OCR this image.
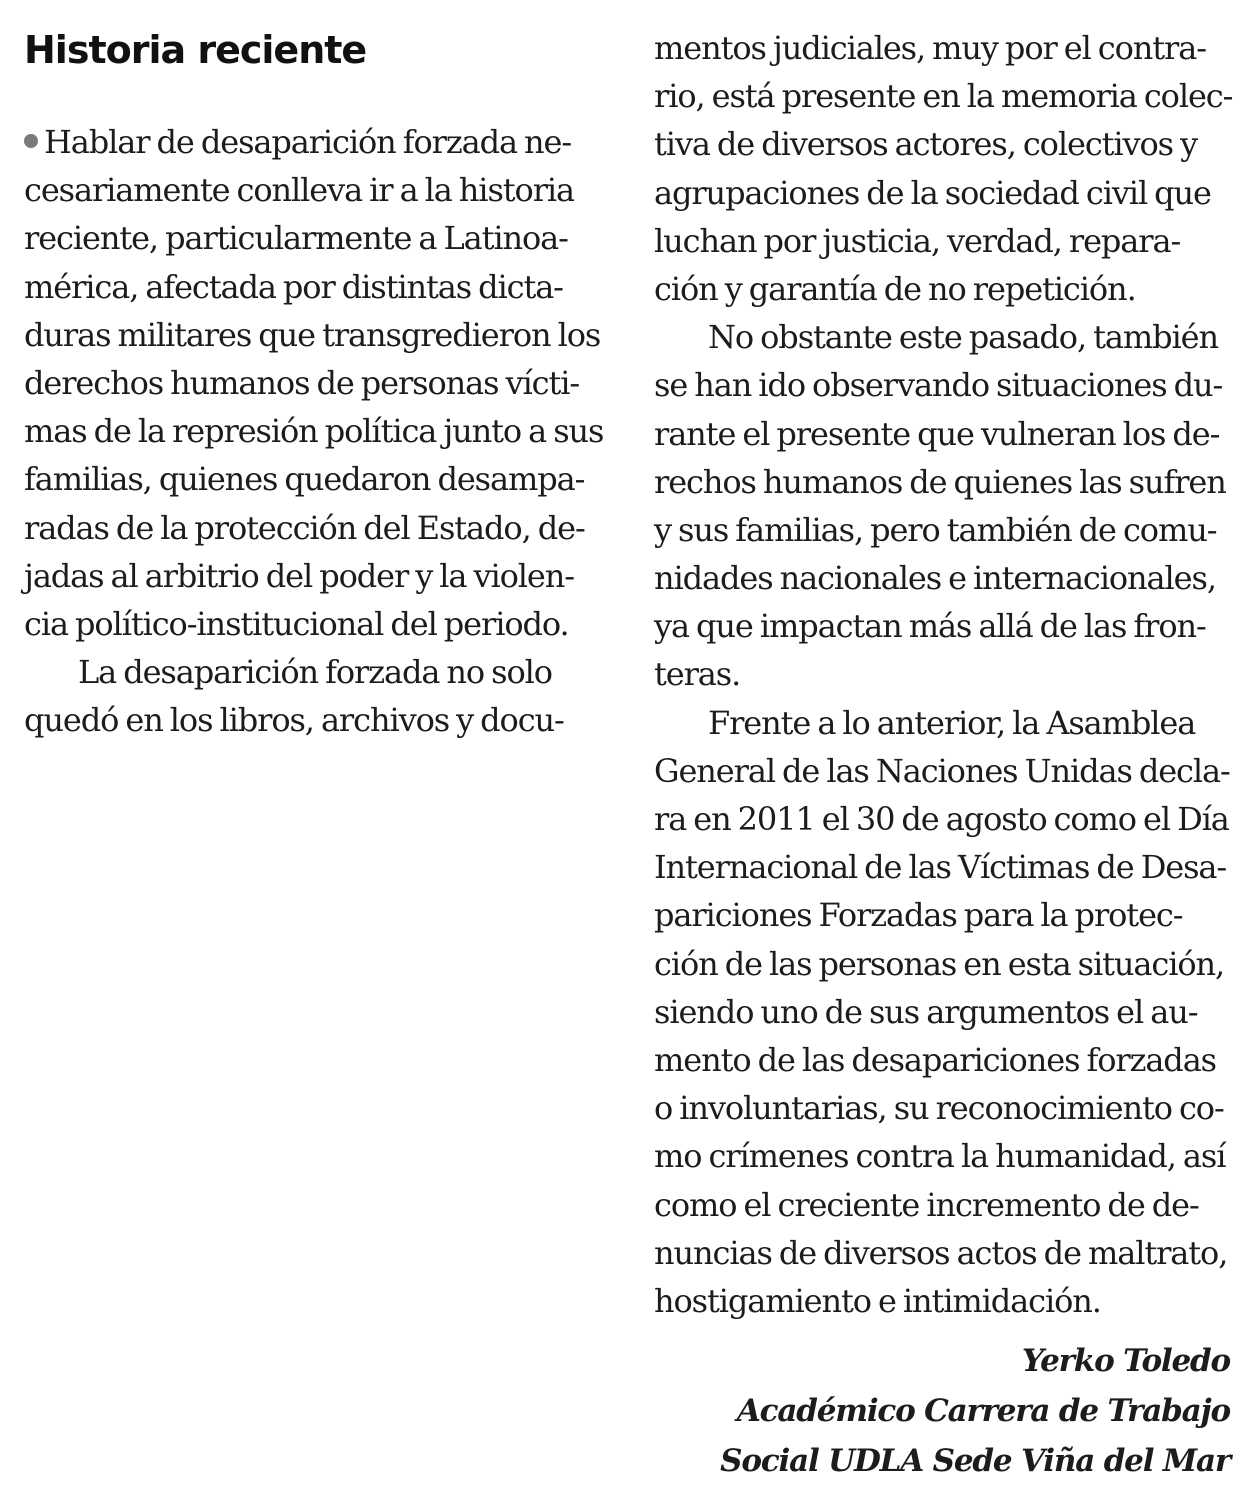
Historia reciente
Hablar de desaparición forzada ne-
cesariamente conlleva ir a la historia
reciente, particularmente a Latinoa-
mérica, afectada por distintas dicta-
duras militares que transgredieron los
derechos humanos de personas vícti-
mas de la represión política junto a sus
familias, quienes quedaron desampa-
radas de la protección del Estado, de-
jadas al arbitrio del poder y la violen-
cia político-institucional del periodo.
La desaparición forzada no solo
quedó en los libros, archivos y docu-
mentos judiciales, muy por el contra-
rio, está presente en la memoria colec-
tiva de diversos actores, colectivos y
agrupaciones de la sociedad civil que
luchan por justicia, verdad, repara-
ción y garantía de no repetición.
No obstante este pasado, también
se han ido observando situaciones du-
rante el presente que vulneran los de-
rechos humanos de quienes las sufren
y sus familias, pero también de comu-
nidades nacionales e internacionales,
ya que impactan más allá de las fron-
teras.
Frente a lo anterior, la Asamblea
General de las Naciones Unidas decla-
ra en 2011 el 30 de agosto como el Día
Internacional de las Víctimas de Desa-
pariciones Forzadas para la protec-
ción de las personas en esta situación,
siendo uno de sus argumentos el au-
mento de las desapariciones forzadas
o involuntarias, su reconocimiento co-
mo crímenes contra la humanidad, así
como el creciente incremento de de-
nuncias de diversos actos de maltrato,
hostigamiento e intimidación.
Yerko Toledo
Académico Carrera de Trabajo
Social UDLA Sede Viña del Mar
